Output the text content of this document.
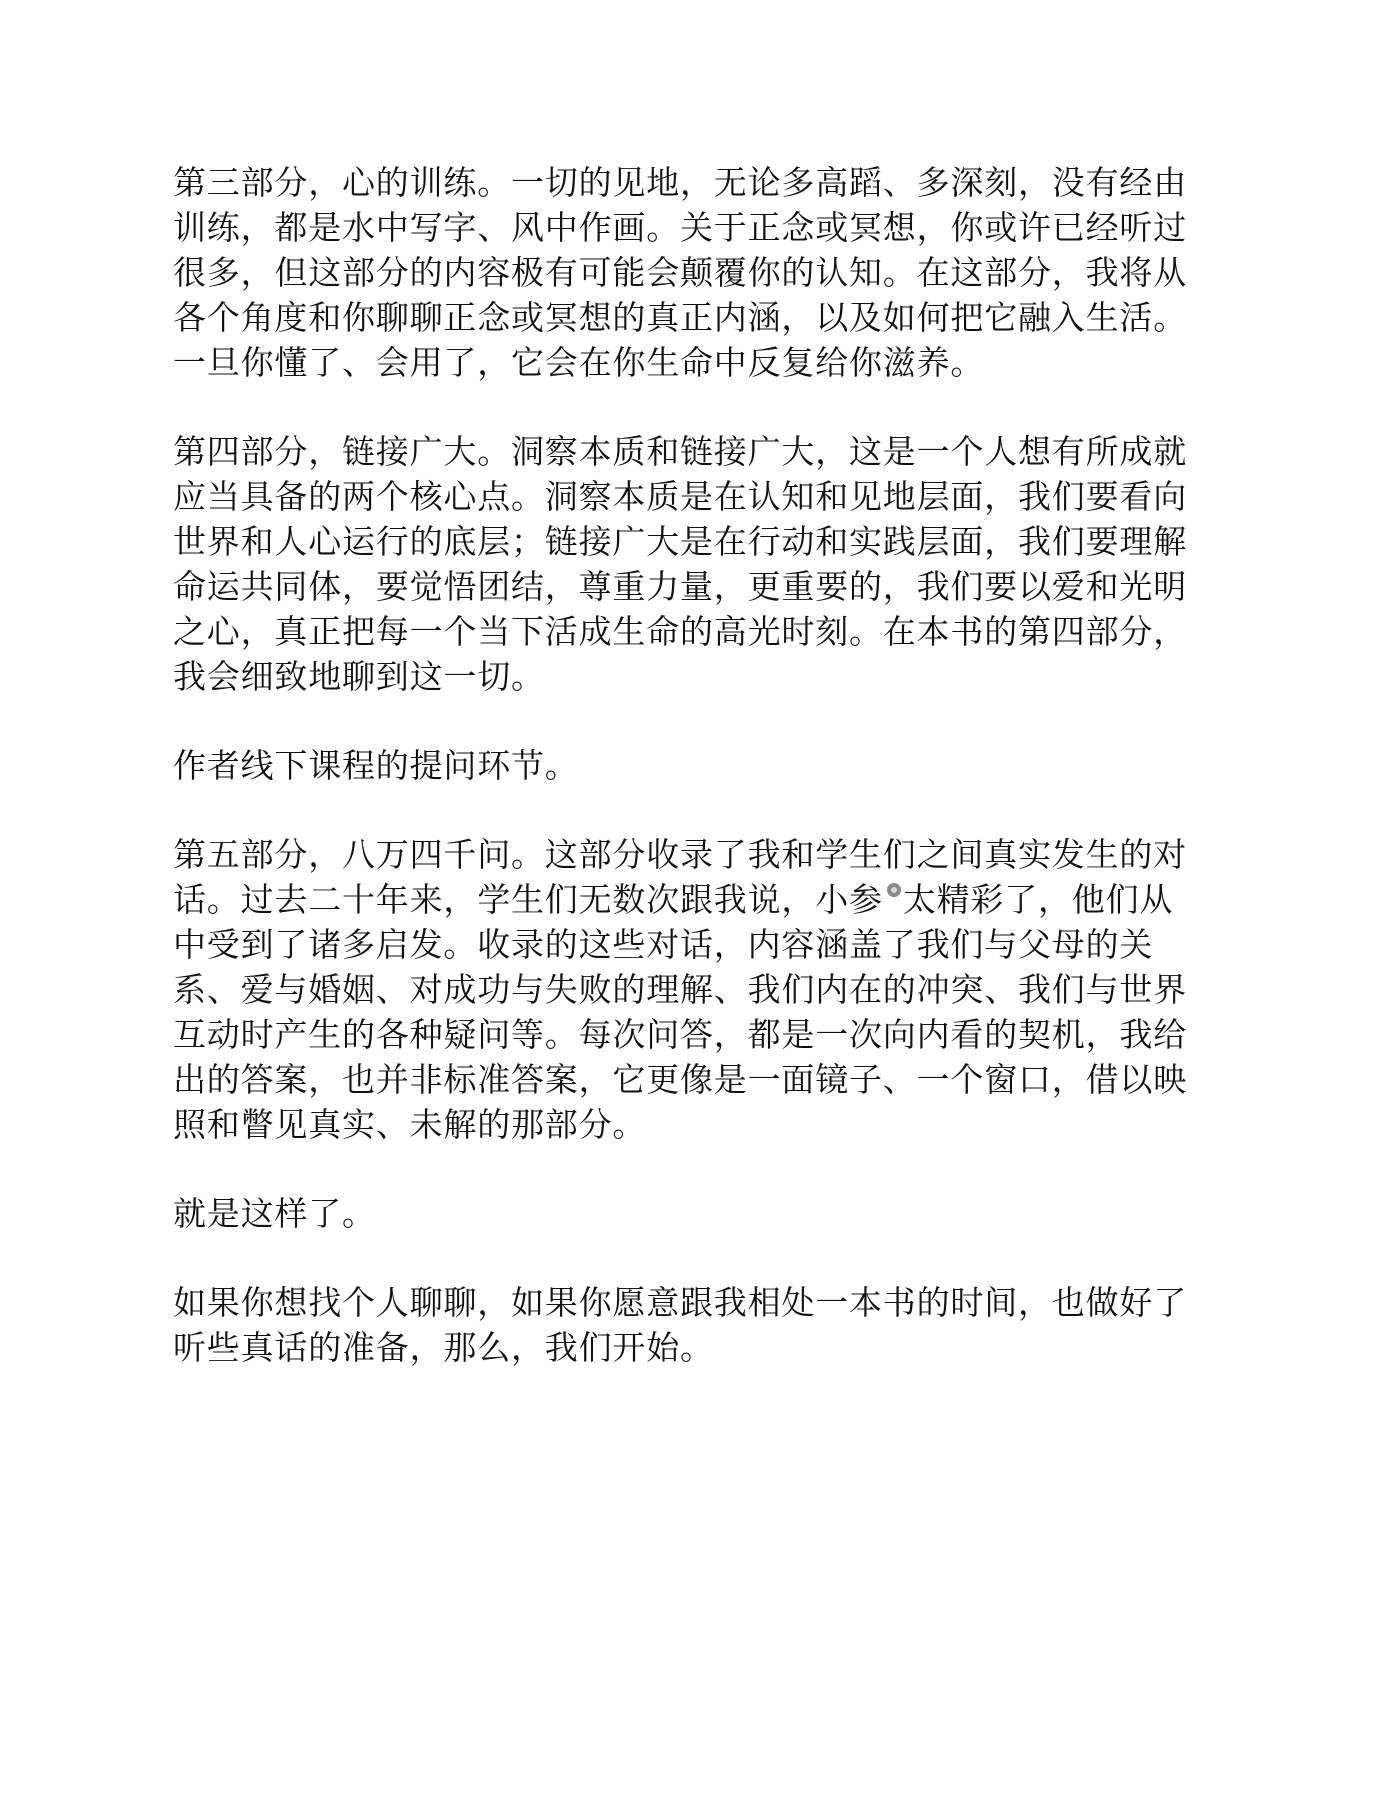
第三部分，心的训练。一切的见地，无论多高蹈、多深刻，没有经由
训练，都是水中写字、风中作画。关于正念或冥想，你或许已经听过
很多，但这部分的内容极有可能会颠覆你的认知。在这部分，我将从
各个角度和你聊聊正念或冥想的真正内涵，以及如何把它融入生活。
一旦你懂了、会用了，它会在你生命中反复给你滋养。

第四部分，链接广大。洞察本质和链接广大，这是一个人想有所成就
应当具备的两个核心点。洞察本质是在认知和见地层面，我们要看向
世界和人心运行的底层；链接广大是在行动和实践层面，我们要理解
命运共同体，要觉悟团结，尊重力量，更重要的，我们要以爱和光明
之心，真正把每一个当下活成生命的高光时刻。在本书的第四部分，
我会细致地聊到这一切。

作者线下课程的提问环节。

第五部分，八万四千问。这部分收录了我和学生们之间真实发生的对
话。过去二十年来，学生们无数次跟我说，小参 太精彩了，他们从
中受到了诸多启发。收录的这些对话，内容涵盖了我们与父母的关
系、爱与婚姻、对成功与失败的理解、我们内在的冲突、我们与世界
互动时产生的各种疑问等。每次问答，都是一次向内看的契机，我给
出的答案，也并非标准答案，它更像是一面镜子、一个窗口，借以映
照和瞥见真实、未解的那部分。

就是这样了。

如果你想找个人聊聊，如果你愿意跟我相处一本书的时间，也做好了
听些真话的准备，那么，我们开始。
